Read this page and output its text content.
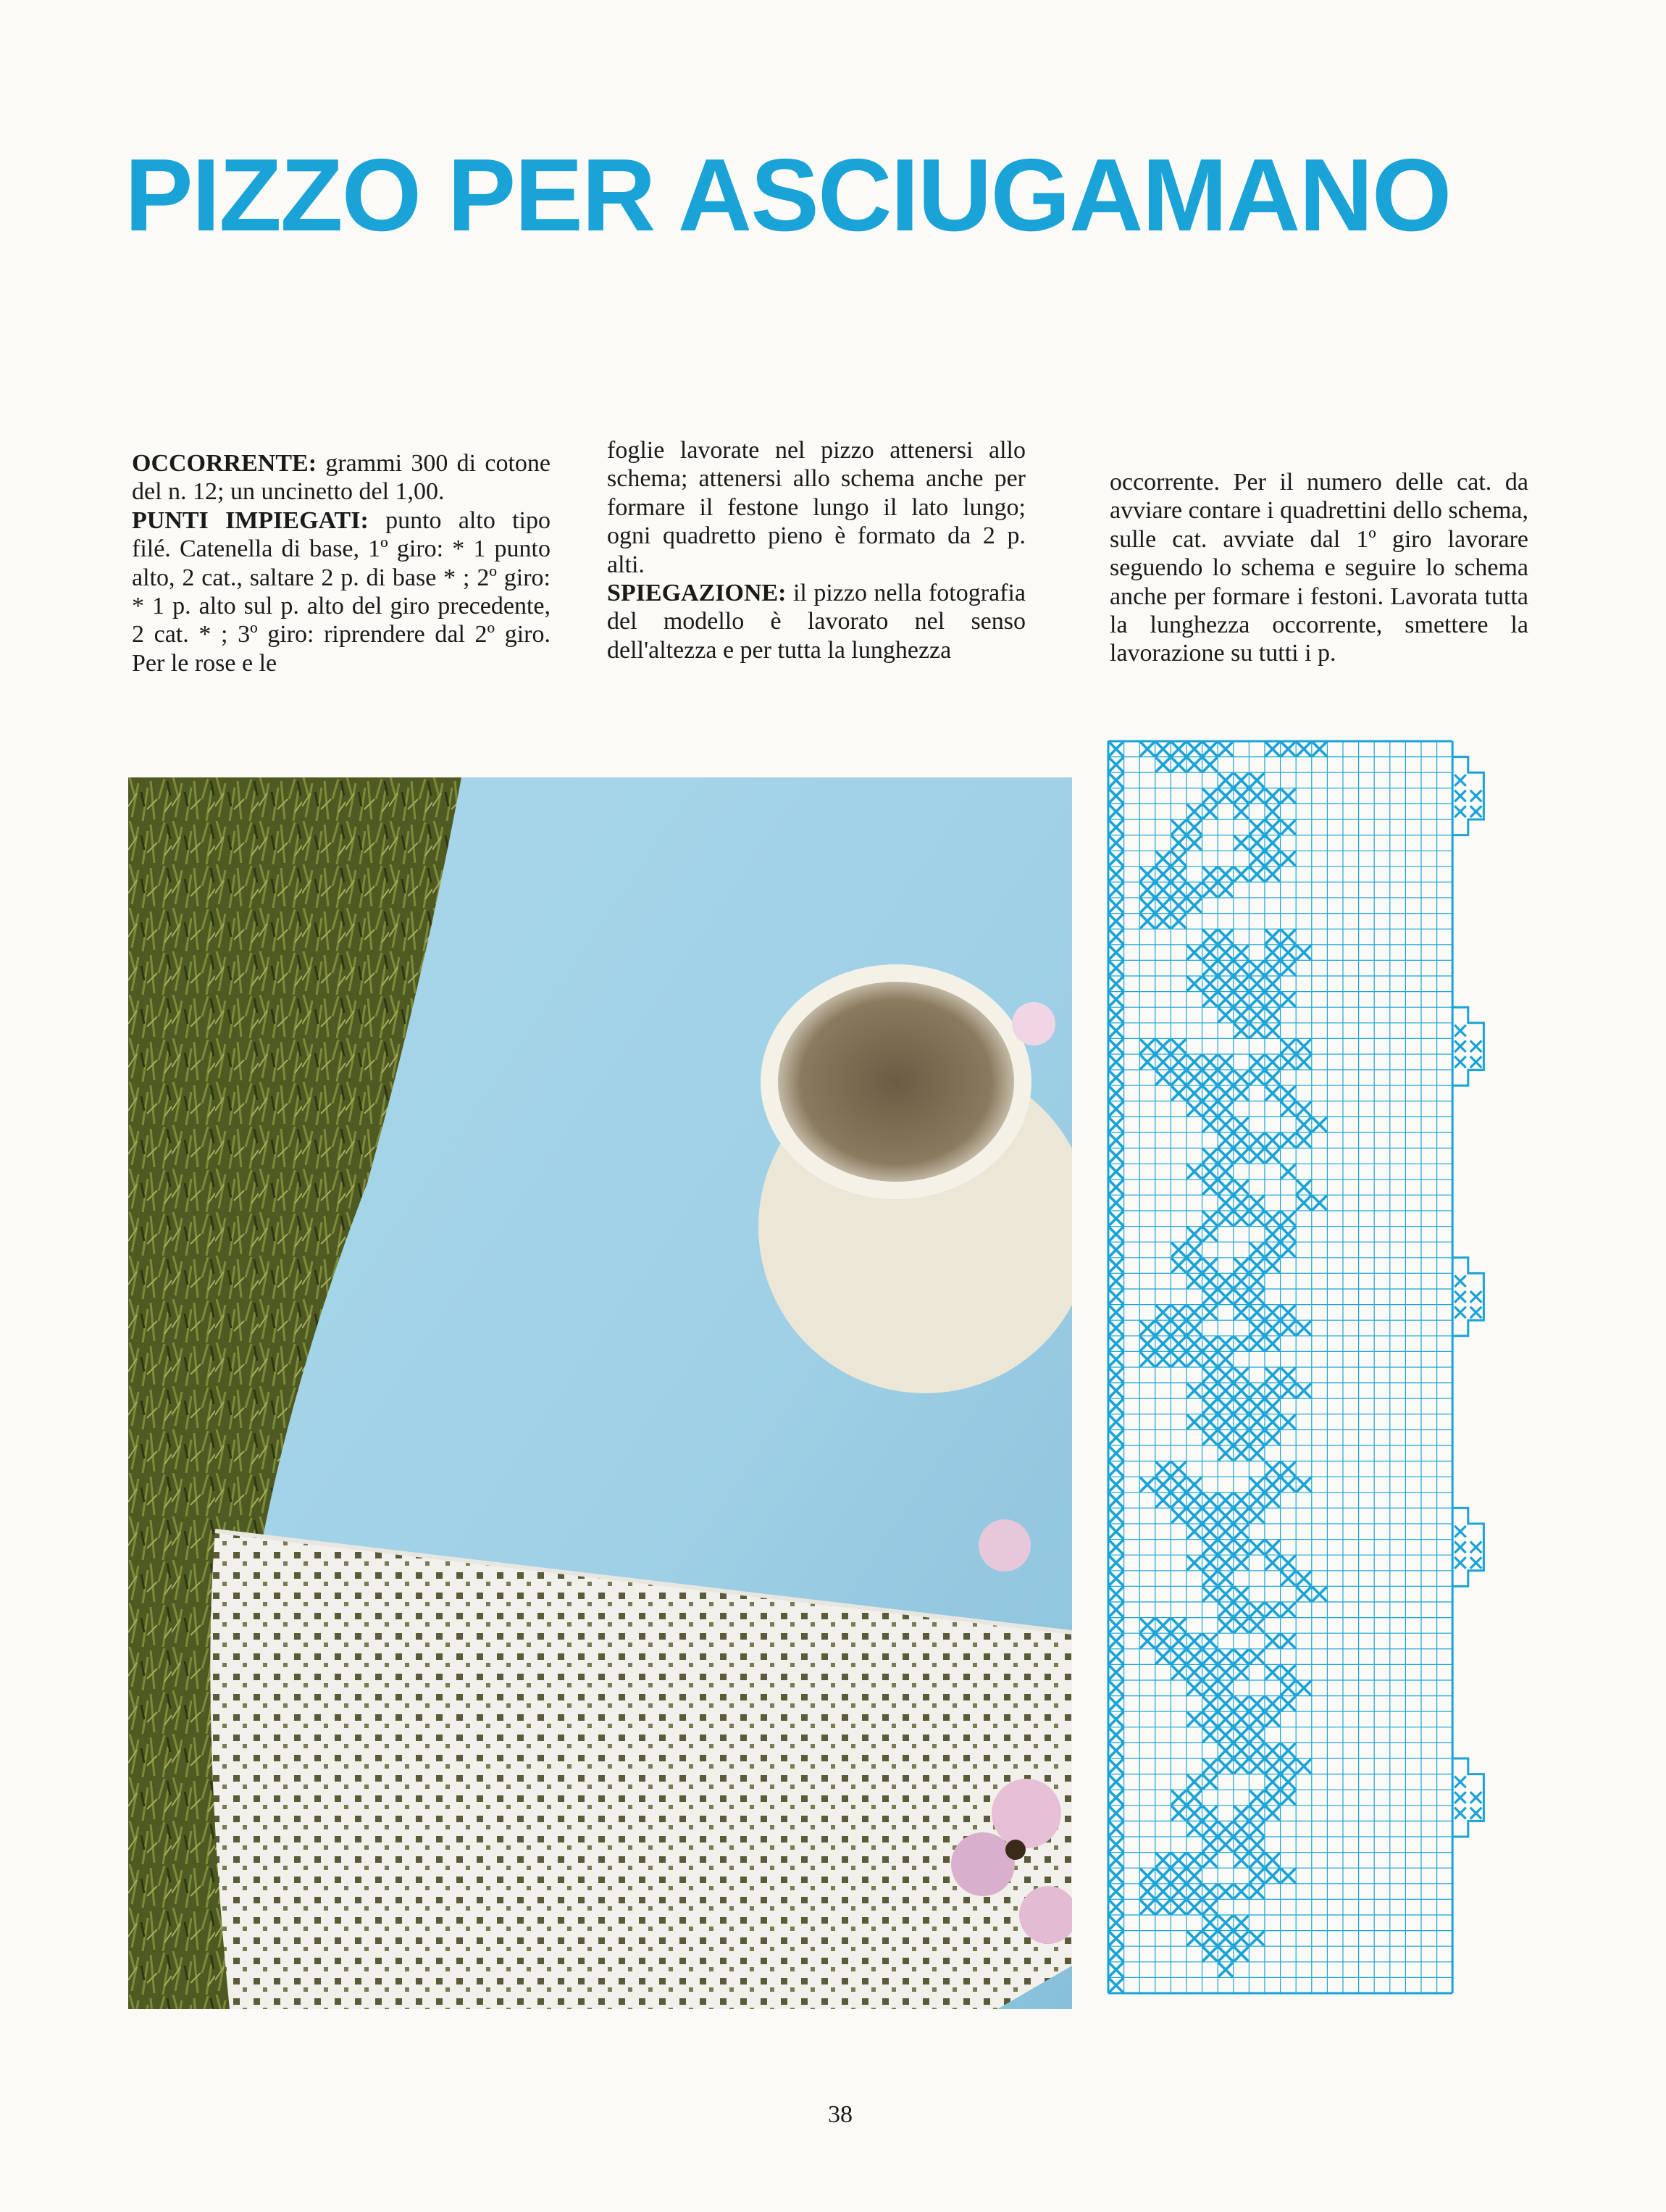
PIZZO PER ASCIUGAMANO
OCCORRENTE: grammi 300 di cotone del n. 12; un uncinetto del 1,00.
PUNTI IMPIEGATI: punto alto tipo filé. Catenella di base, 1º giro: * 1 punto alto, 2 cat., saltare 2 p. di base * ; 2º giro: * 1 p. alto sul p. alto del giro precedente, 2 cat. * ; 3º giro: riprendere dal 2º giro. Per le rose e le
foglie lavorate nel pizzo attenersi allo schema; attenersi allo schema anche per formare il festone lungo il lato lungo; ogni quadretto pieno è formato da 2 p. alti.
SPIEGAZIONE: il pizzo nella fotografia del modello è lavorato nel senso dell'altezza e per tutta la lunghezza
occorrente. Per il numero delle cat. da avviare contare i quadrettini dello schema, sulle cat. avviate dal 1º giro lavorare seguendo lo schema e seguire lo schema anche per formare i festoni. Lavorata tutta la lunghezza occorrente, smettere la lavorazione su tutti i p.
38
